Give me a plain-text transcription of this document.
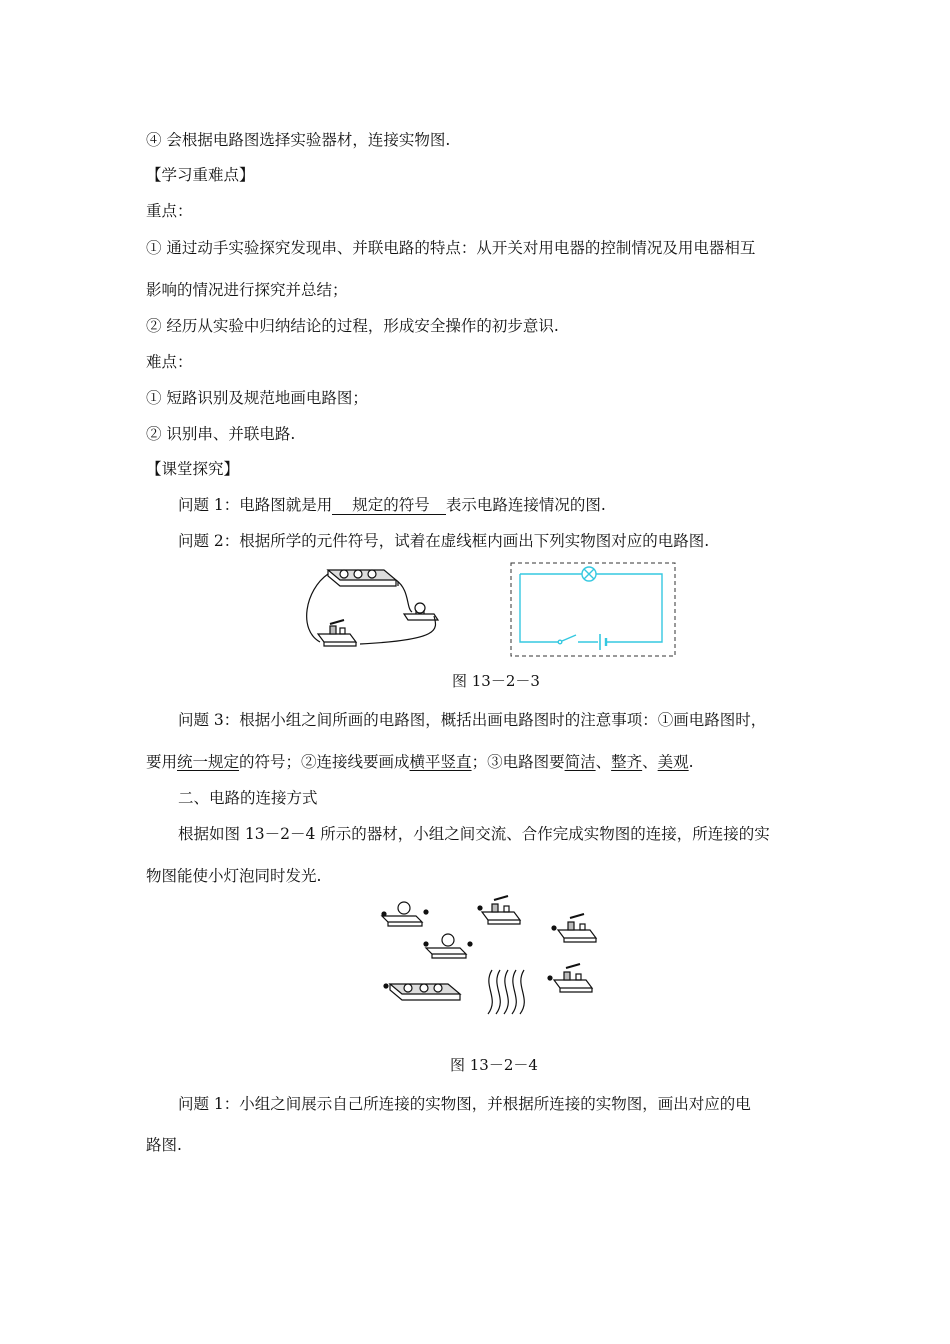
④ 会根据电路图选择实验器材，连接实物图.
【学习重难点】
重点：
① 通过动手实验探究发现串、并联电路的特点：从开关对用电器的控制情况及用电器相互
影响的情况进行探究并总结；
② 经历从实验中归纳结论的过程，形成安全操作的初步意识.
难点：
① 短路识别及规范地画电路图；
② 识别串、并联电路.
【课堂探究】
问题 1：电路图就是用 规定的符号 表示电路连接情况的图.
问题 2：根据所学的元件符号，试着在虚线框内画出下列实物图对应的电路图.
图 13－2－3
问题 3：根据小组之间所画的电路图，概括出画电路图时的注意事项：①画电路图时，
要用统一规定的符号；②连接线要画成横平竖直；③电路图要简洁、整齐、美观.
二、电路的连接方式
根据如图 13－2－4 所示的器材，小组之间交流、合作完成实物图的连接，所连接的实
物图能使小灯泡同时发光.
图 13－2－4
问题 1：小组之间展示自己所连接的实物图，并根据所连接的实物图，画出对应的电
路图.
